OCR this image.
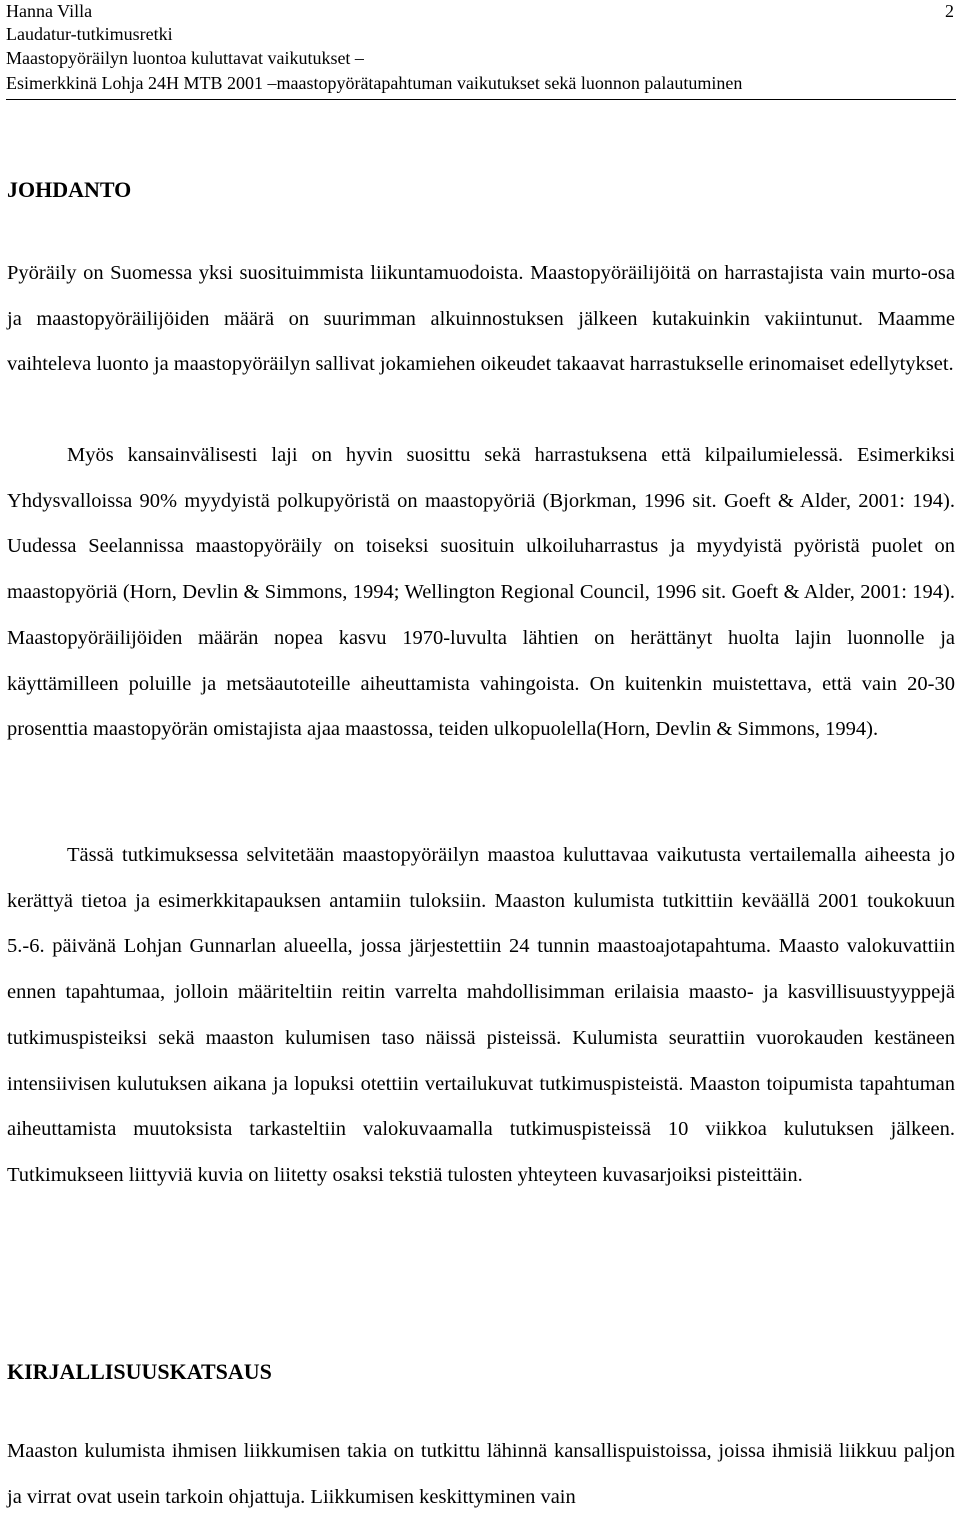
Hanna Villa
Laudatur-tutkimusretki
Maastopyöräilyn luontoa kuluttavat vaikutukset –
Esimerkkinä Lohja 24H MTB 2001 –maastopyörätapahtuman vaikutukset sekä luonnon palautuminen
2
JOHDANTO

Pyöräily on Suomessa yksi suosituimmista liikuntamuodoista. Maastopyöräilijöitä on harrastajista vain murto-osa ja maastopyöräilijöiden määrä on suurimman alkuinnostuksen jälkeen kutakuinkin vakiintunut. Maamme vaihteleva luonto ja maastopyöräilyn sallivat jokamiehen oikeudet takaavat harrastukselle erinomaiset edellytykset.

Myös kansainvälisesti laji on hyvin suosittu sekä harrastuksena että kilpailumielessä. Esimerkiksi Yhdysvalloissa 90% myydyistä polkupyöristä on maastopyöriä (Bjorkman, 1996 sit. Goeft & Alder, 2001: 194). Uudessa Seelannissa maastopyöräily on toiseksi suosituin ulkoiluharrastus ja myydyistä pyöristä puolet on maastopyöriä (Horn, Devlin & Simmons, 1994; Wellington Regional Council, 1996 sit. Goeft & Alder, 2001: 194). Maastopyöräilijöiden määrän nopea kasvu 1970-luvulta lähtien on herättänyt huolta lajin luonnolle ja käyttämilleen poluille ja metsäautoteille aiheuttamista vahingoista. On kuitenkin muistettava, että vain 20-30 prosenttia maastopyörän omistajista ajaa maastossa, teiden ulkopuolella(Horn, Devlin & Simmons, 1994).

Tässä tutkimuksessa selvitetään maastopyöräilyn maastoa kuluttavaa vaikutusta vertailemalla aiheesta jo kerättyä tietoa ja esimerkkitapauksen antamiin tuloksiin. Maaston kulumista tutkittiin keväällä 2001 toukokuun 5.-6. päivänä Lohjan Gunnarlan alueella, jossa järjestettiin 24 tunnin maastoajotapahtuma. Maasto valokuvattiin ennen tapahtumaa, jolloin määriteltiin reitin varrelta mahdollisimman erilaisia maasto- ja kasvillisuustyyppejä tutkimuspisteiksi sekä maaston kulumisen taso näissä pisteissä. Kulumista seurattiin vuorokauden kestäneen intensiivisen kulutuksen aikana ja lopuksi otettiin vertailukuvat tutkimuspisteistä. Maaston toipumista tapahtuman aiheuttamista muutoksista tarkasteltiin valokuvaamalla tutkimuspisteissä 10 viikkoa kulutuksen jälkeen. Tutkimukseen liittyviä kuvia on liitetty osaksi tekstiä tulosten yhteyteen kuvasarjoiksi pisteittäin.

KIRJALLISUUSKATSAUS

Maaston kulumista ihmisen liikkumisen takia on tutkittu lähinnä kansallispuistoissa, joissa ihmisiä liikkuu paljon ja virrat ovat usein tarkoin ohjattuja. Liikkumisen keskittyminen vain
